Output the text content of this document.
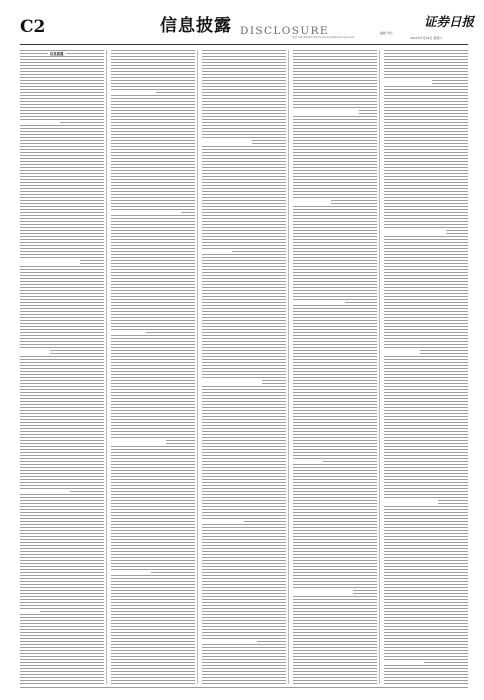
C2	信息披露 DISCLOSURE
证券日报
编辑 刘乐
电话 010-83251730 E-mail:zqrb9@zqrb.sina.net	2022年7月16日 星期六
信息披露
